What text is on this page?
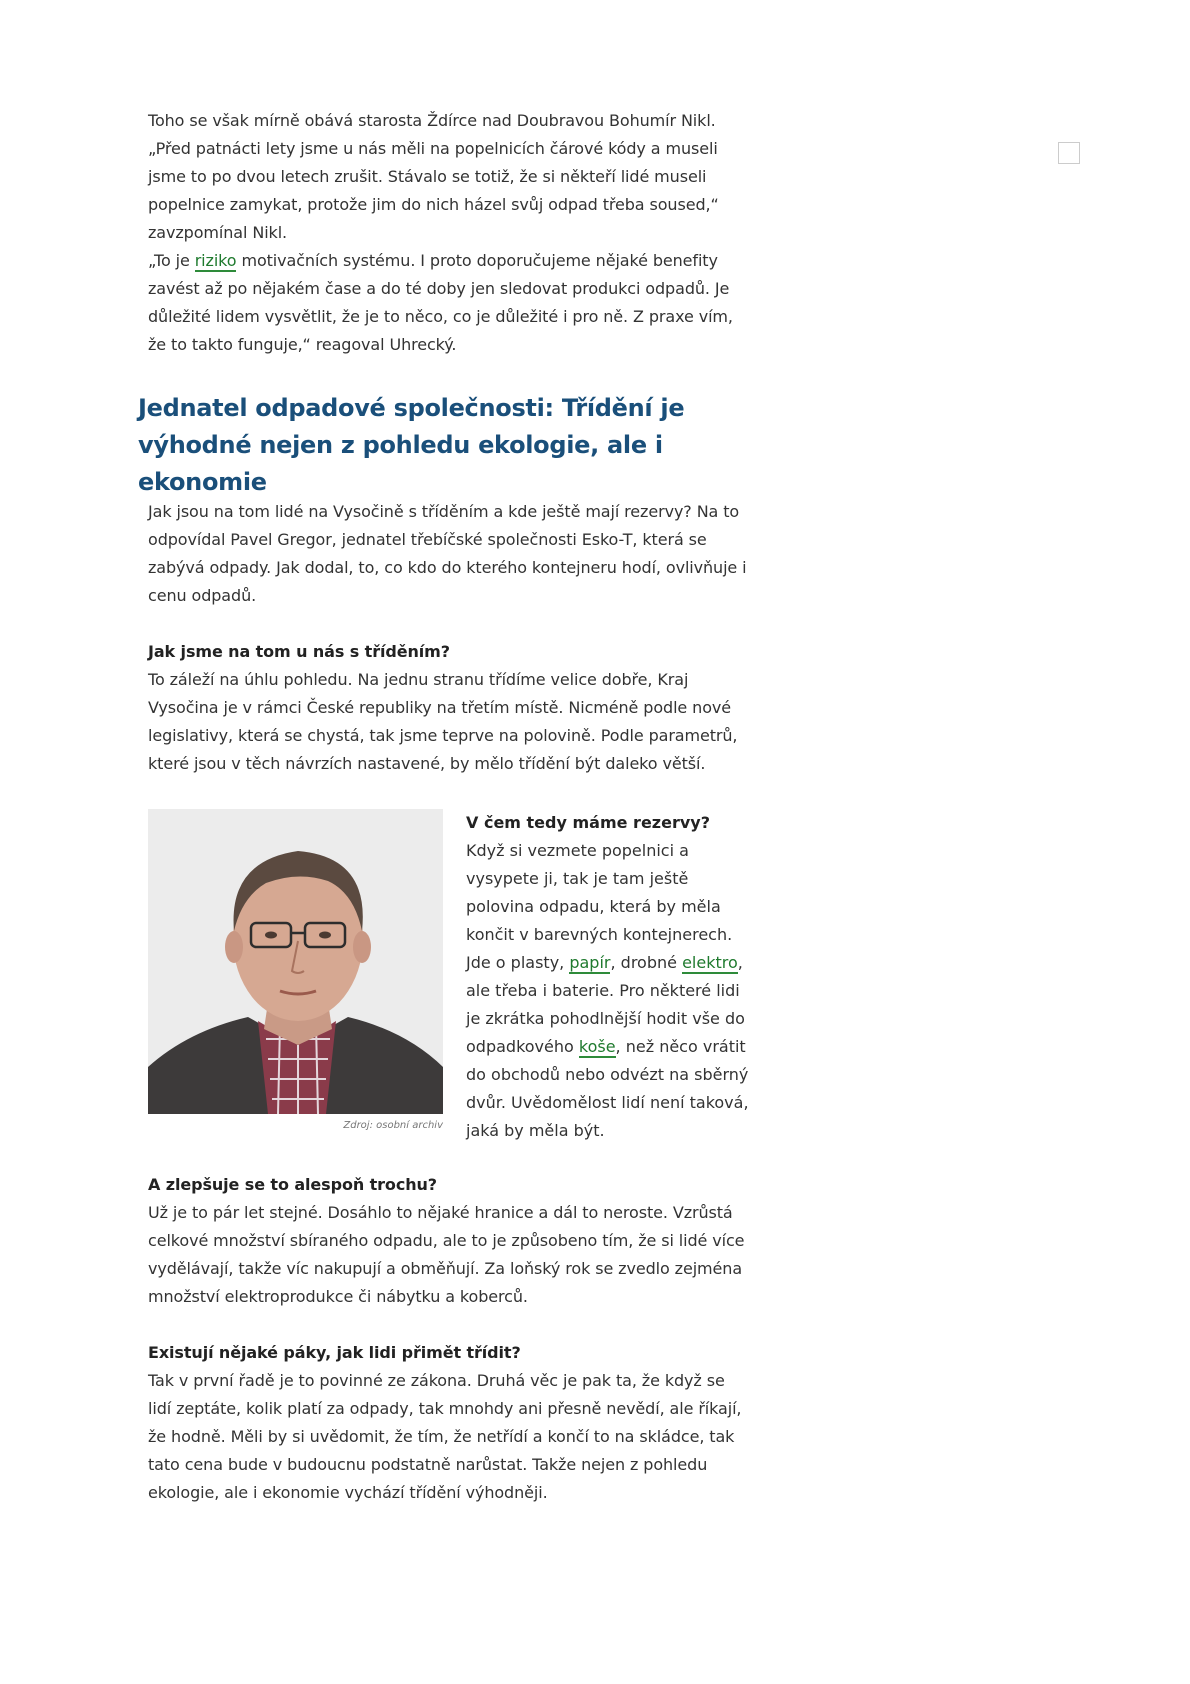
Toho se však mírně obává starosta Ždírce nad Doubravou Bohumír Nikl. „Před patnácti lety jsme u nás měli na popelnicích čárové kódy a museli jsme to po dvou letech zrušit. Stávalo se totiž, že si někteří lidé museli popelnice zamykat, protože jim do nich házel svůj odpad třeba soused,“ zavzpomínal Nikl.

„To je riziko motivačních systému. I proto doporučujeme nějaké benefity zavést až po nějakém čase a do té doby jen sledovat produkci odpadů. Je důležité lidem vysvětlit, že je to něco, co je důležité i pro ně. Z praxe vím, že to takto funguje,“ reagoval Uhrecký.

Jednatel odpadové společnosti: Třídění je výhodné nejen z pohledu ekologie, ale i ekonomie

Jak jsou na tom lidé na Vysočině s tříděním a kde ještě mají rezervy? Na to odpovídal Pavel Gregor, jednatel třebíčské společnosti Esko-T, která se zabývá odpady. Jak dodal, to, co kdo do kterého kontejneru hodí, ovlivňuje i cenu odpadů.

Jak jsme na tom u nás s tříděním?
To záleží na úhlu pohledu. Na jednu stranu třídíme velice dobře, Kraj Vysočina je v rámci České republiky na třetím místě. Nicméně podle nové legislativy, která se chystá, tak jsme teprve na polovině. Podle parametrů, které jsou v těch návrzích nastavené, by mělo třídění být daleko větší.

Zdroj: osobní archiv

V čem tedy máme rezervy?
Když si vezmete popelnici a vysypete ji, tak je tam ještě polovina odpadu, která by měla končit v barevných kontejnerech. Jde o plasty, papír, drobné elektro, ale třeba i baterie. Pro některé lidi je zkrátka pohodlnější hodit vše do odpadkového koše, než něco vrátit do obchodů nebo odvézt na sběrný dvůr. Uvědomělost lidí není taková, jaká by měla být.

A zlepšuje se to alespoň trochu?
Už je to pár let stejné. Dosáhlo to nějaké hranice a dál to neroste. Vzrůstá celkové množství sbíraného odpadu, ale to je způsobeno tím, že si lidé více vydělávají, takže víc nakupují a obměňují. Za loňský rok se zvedlo zejména množství elektroprodukce či nábytku a koberců.

Existují nějaké páky, jak lidi přimět třídit?
Tak v první řadě je to povinné ze zákona. Druhá věc je pak ta, že když se lidí zeptáte, kolik platí za odpady, tak mnohdy ani přesně nevědí, ale říkají, že hodně. Měli by si uvědomit, že tím, že netřídí a končí to na skládce, tak tato cena bude v budoucnu podstatně narůstat. Takže nejen z pohledu ekologie, ale i ekonomie vychází třídění výhodněji.
